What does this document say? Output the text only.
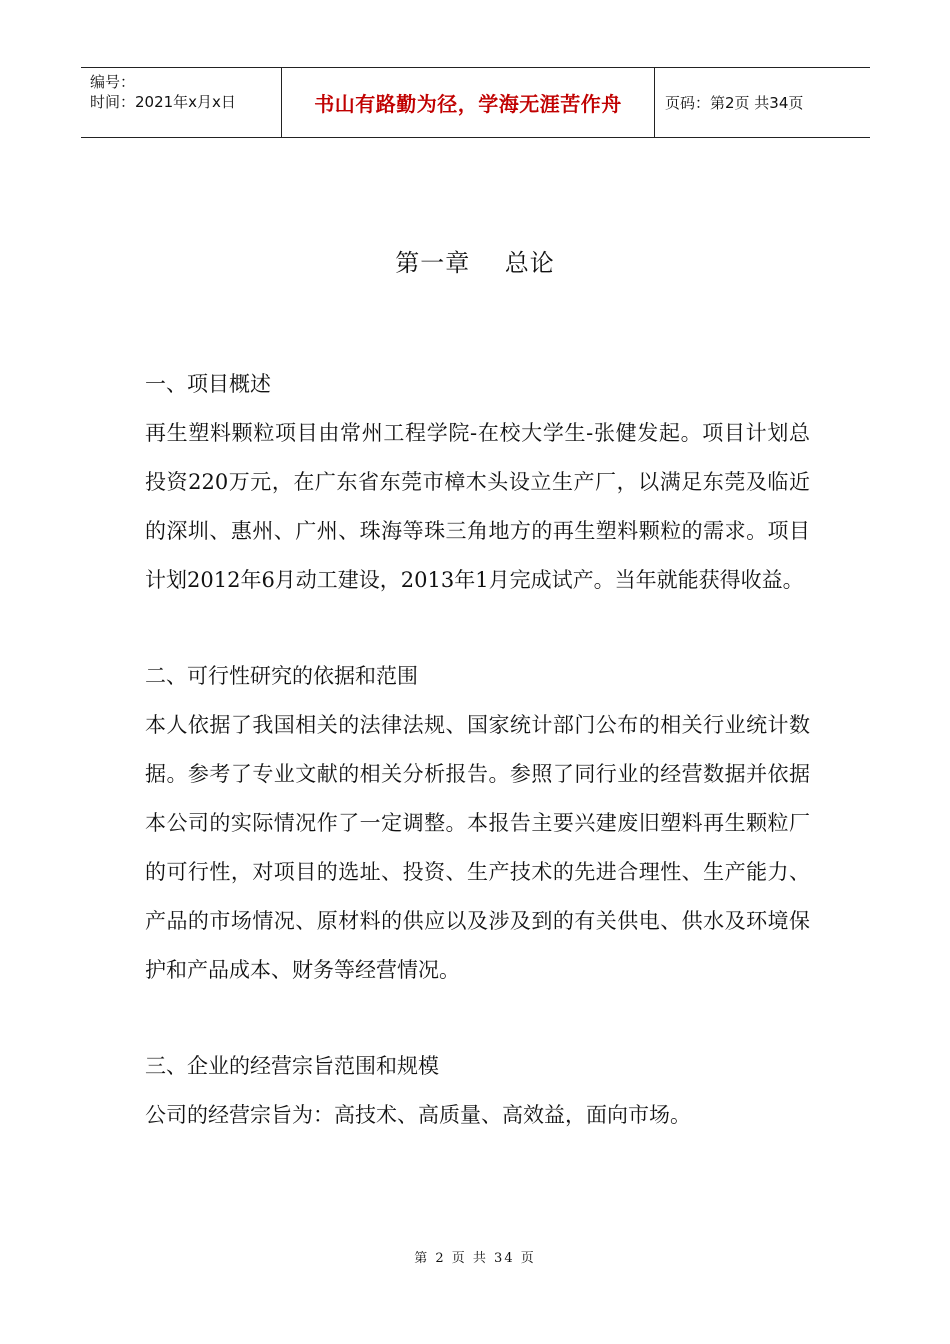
编号：
时间：2021年x月x日	书山有路勤为径，学海无涯苦作舟	页码：第2页 共34页
第一章    总论
一、项目概述

再生塑料颗粒项目由常州工程学院-在校大学生-张健发起。项目计划总投资220万元，在广东省东莞市樟木头设立生产厂，以满足东莞及临近的深圳、惠州、广州、珠海等珠三角地方的再生塑料颗粒的需求。项目计划2012年6月动工建设，2013年1月完成试产。当年就能获得收益。

二、可行性研究的依据和范围

本人依据了我国相关的法律法规、国家统计部门公布的相关行业统计数据。参考了专业文献的相关分析报告。参照了同行业的经营数据并依据本公司的实际情况作了一定调整。本报告主要兴建废旧塑料再生颗粒厂的可行性，对项目的选址、投资、生产技术的先进合理性、生产能力、产品的市场情况、原材料的供应以及涉及到的有关供电、供水及环境保护和产品成本、财务等经营情况。

三、企业的经营宗旨范围和规模

公司的经营宗旨为：高技术、高质量、高效益，面向市场。

第 2 页 共 34 页
